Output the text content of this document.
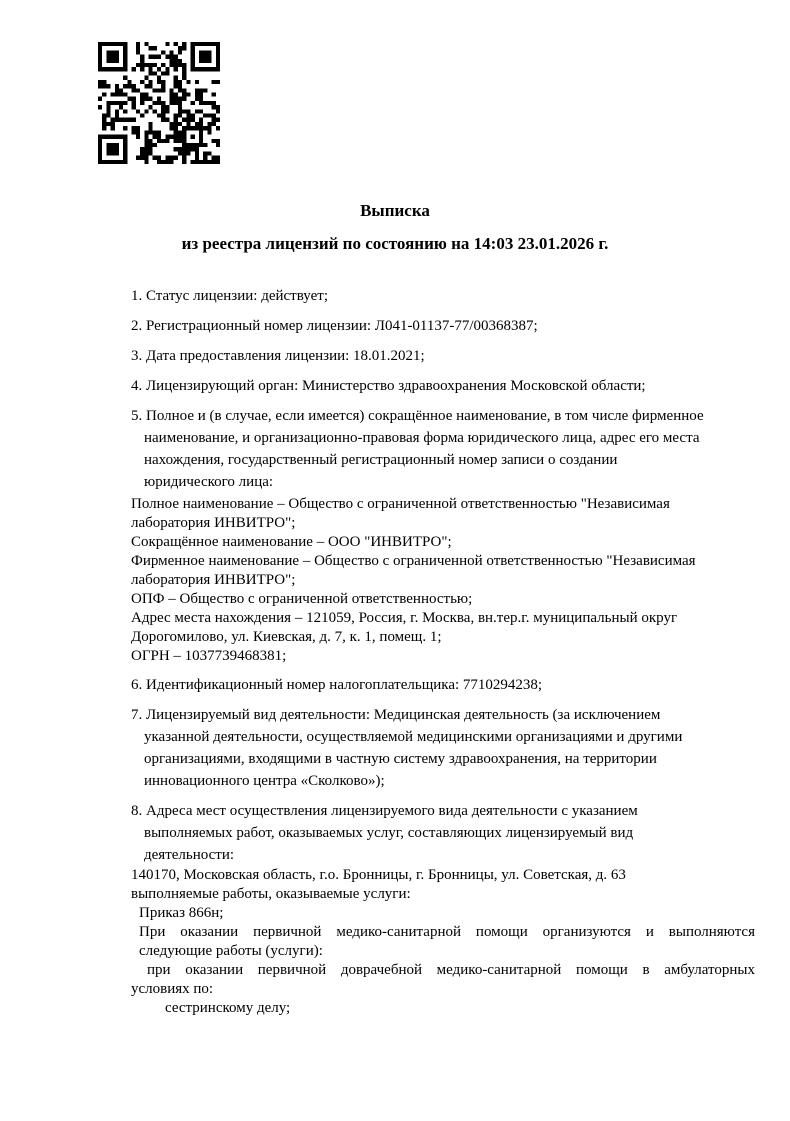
Выписка
из реестра лицензий по состоянию на 14:03 23.01.2026 г.
1. Статус лицензии: действует;
2. Регистрационный номер лицензии: Л041-01137-77/00368387;
3. Дата предоставления лицензии: 18.01.2021;
4. Лицензирующий орган: Министерство здравоохранения Московской области;
5. Полное и (в случае, если имеется) сокращённое наименование, в том числе фирменное
наименование, и организационно-правовая форма юридического лица, адрес его места
нахождения, государственный регистрационный номер записи о создании
юридического лица:
Полное наименование – Общество с ограниченной ответственностью "Независимая
лаборатория ИНВИТРО";
Сокращённое наименование – ООО "ИНВИТРО";
Фирменное наименование – Общество с ограниченной ответственностью "Независимая
лаборатория ИНВИТРО";
ОПФ – Общество с ограниченной ответственностью;
Адрес места нахождения – 121059, Россия, г. Москва, вн.тер.г. муниципальный округ
Дорогомилово, ул. Киевская, д. 7, к. 1, помещ. 1;
ОГРН – 1037739468381;
6. Идентификационный номер налогоплательщика: 7710294238;
7. Лицензируемый вид деятельности: Медицинская деятельность (за исключением
указанной деятельности, осуществляемой медицинскими организациями и другими
организациями, входящими в частную систему здравоохранения, на территории
инновационного центра «Сколково»);
8. Адреса мест осуществления лицензируемого вида деятельности с указанием
выполняемых работ, оказываемых услуг, составляющих лицензируемый вид
деятельности:
140170, Московская область, г.о. Бронницы, г. Бронницы, ул. Советская, д. 63
выполняемые работы, оказываемые услуги:
Приказ 866н;
При оказании первичной медико-санитарной помощи организуются и выполняются
следующие работы (услуги):
при оказании первичной доврачебной медико-санитарной помощи в амбулаторных
условиях по:
сестринскому делу;
